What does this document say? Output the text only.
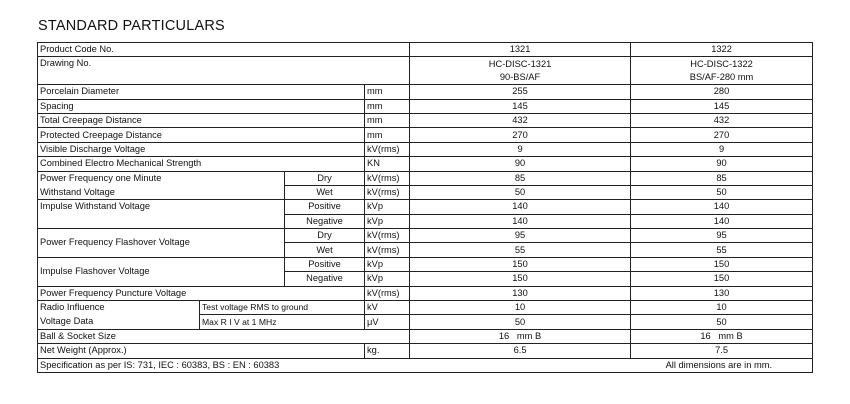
STANDARD PARTICULARS
Product Code No.				1321	1322
Drawing No.				HC-DISC-1321	HC-DISC-1322
				90-BS/AF	BS/AF-280 mm
Porcelain Diameter			mm	255	280
Spacing			mm	145	145
Total Creepage Distance			mm	432	432
Protected Creepage Distance			mm	270	270
Visible Discharge Voltage			kV(rms)	9	9
Combined Electro Mechanical Strength			KN	90	90
Power Frequency one Minute		Dry	kV(rms)	85	85
Withstand Voltage		Wet	kV(rms)	50	50
Impulse Withstand Voltage		Positive	kVp	140	140
		Negative	kVp	140	140
Power Frequency Flashover Voltage		Dry	kV(rms)	95	95
		Wet	kV(rms)	55	55
Impulse Flashover Voltage		Positive	kVp	150	150
		Negative	kVp	150	150
Power Frequency Puncture Voltage			kV(rms)	130	130
Radio Influence	Test voltage RMS to ground		kV	10	10
Voltage Data	Max R I V at 1 MHz		μV	50	50
Ball & Socket Size				16   mm B	16   mm B
Net Weight (Approx.)			kg.	6.5	7.5
Specification as per IS: 731, IEC : 60383, BS : EN : 60383				All dimensions are in mm.	
